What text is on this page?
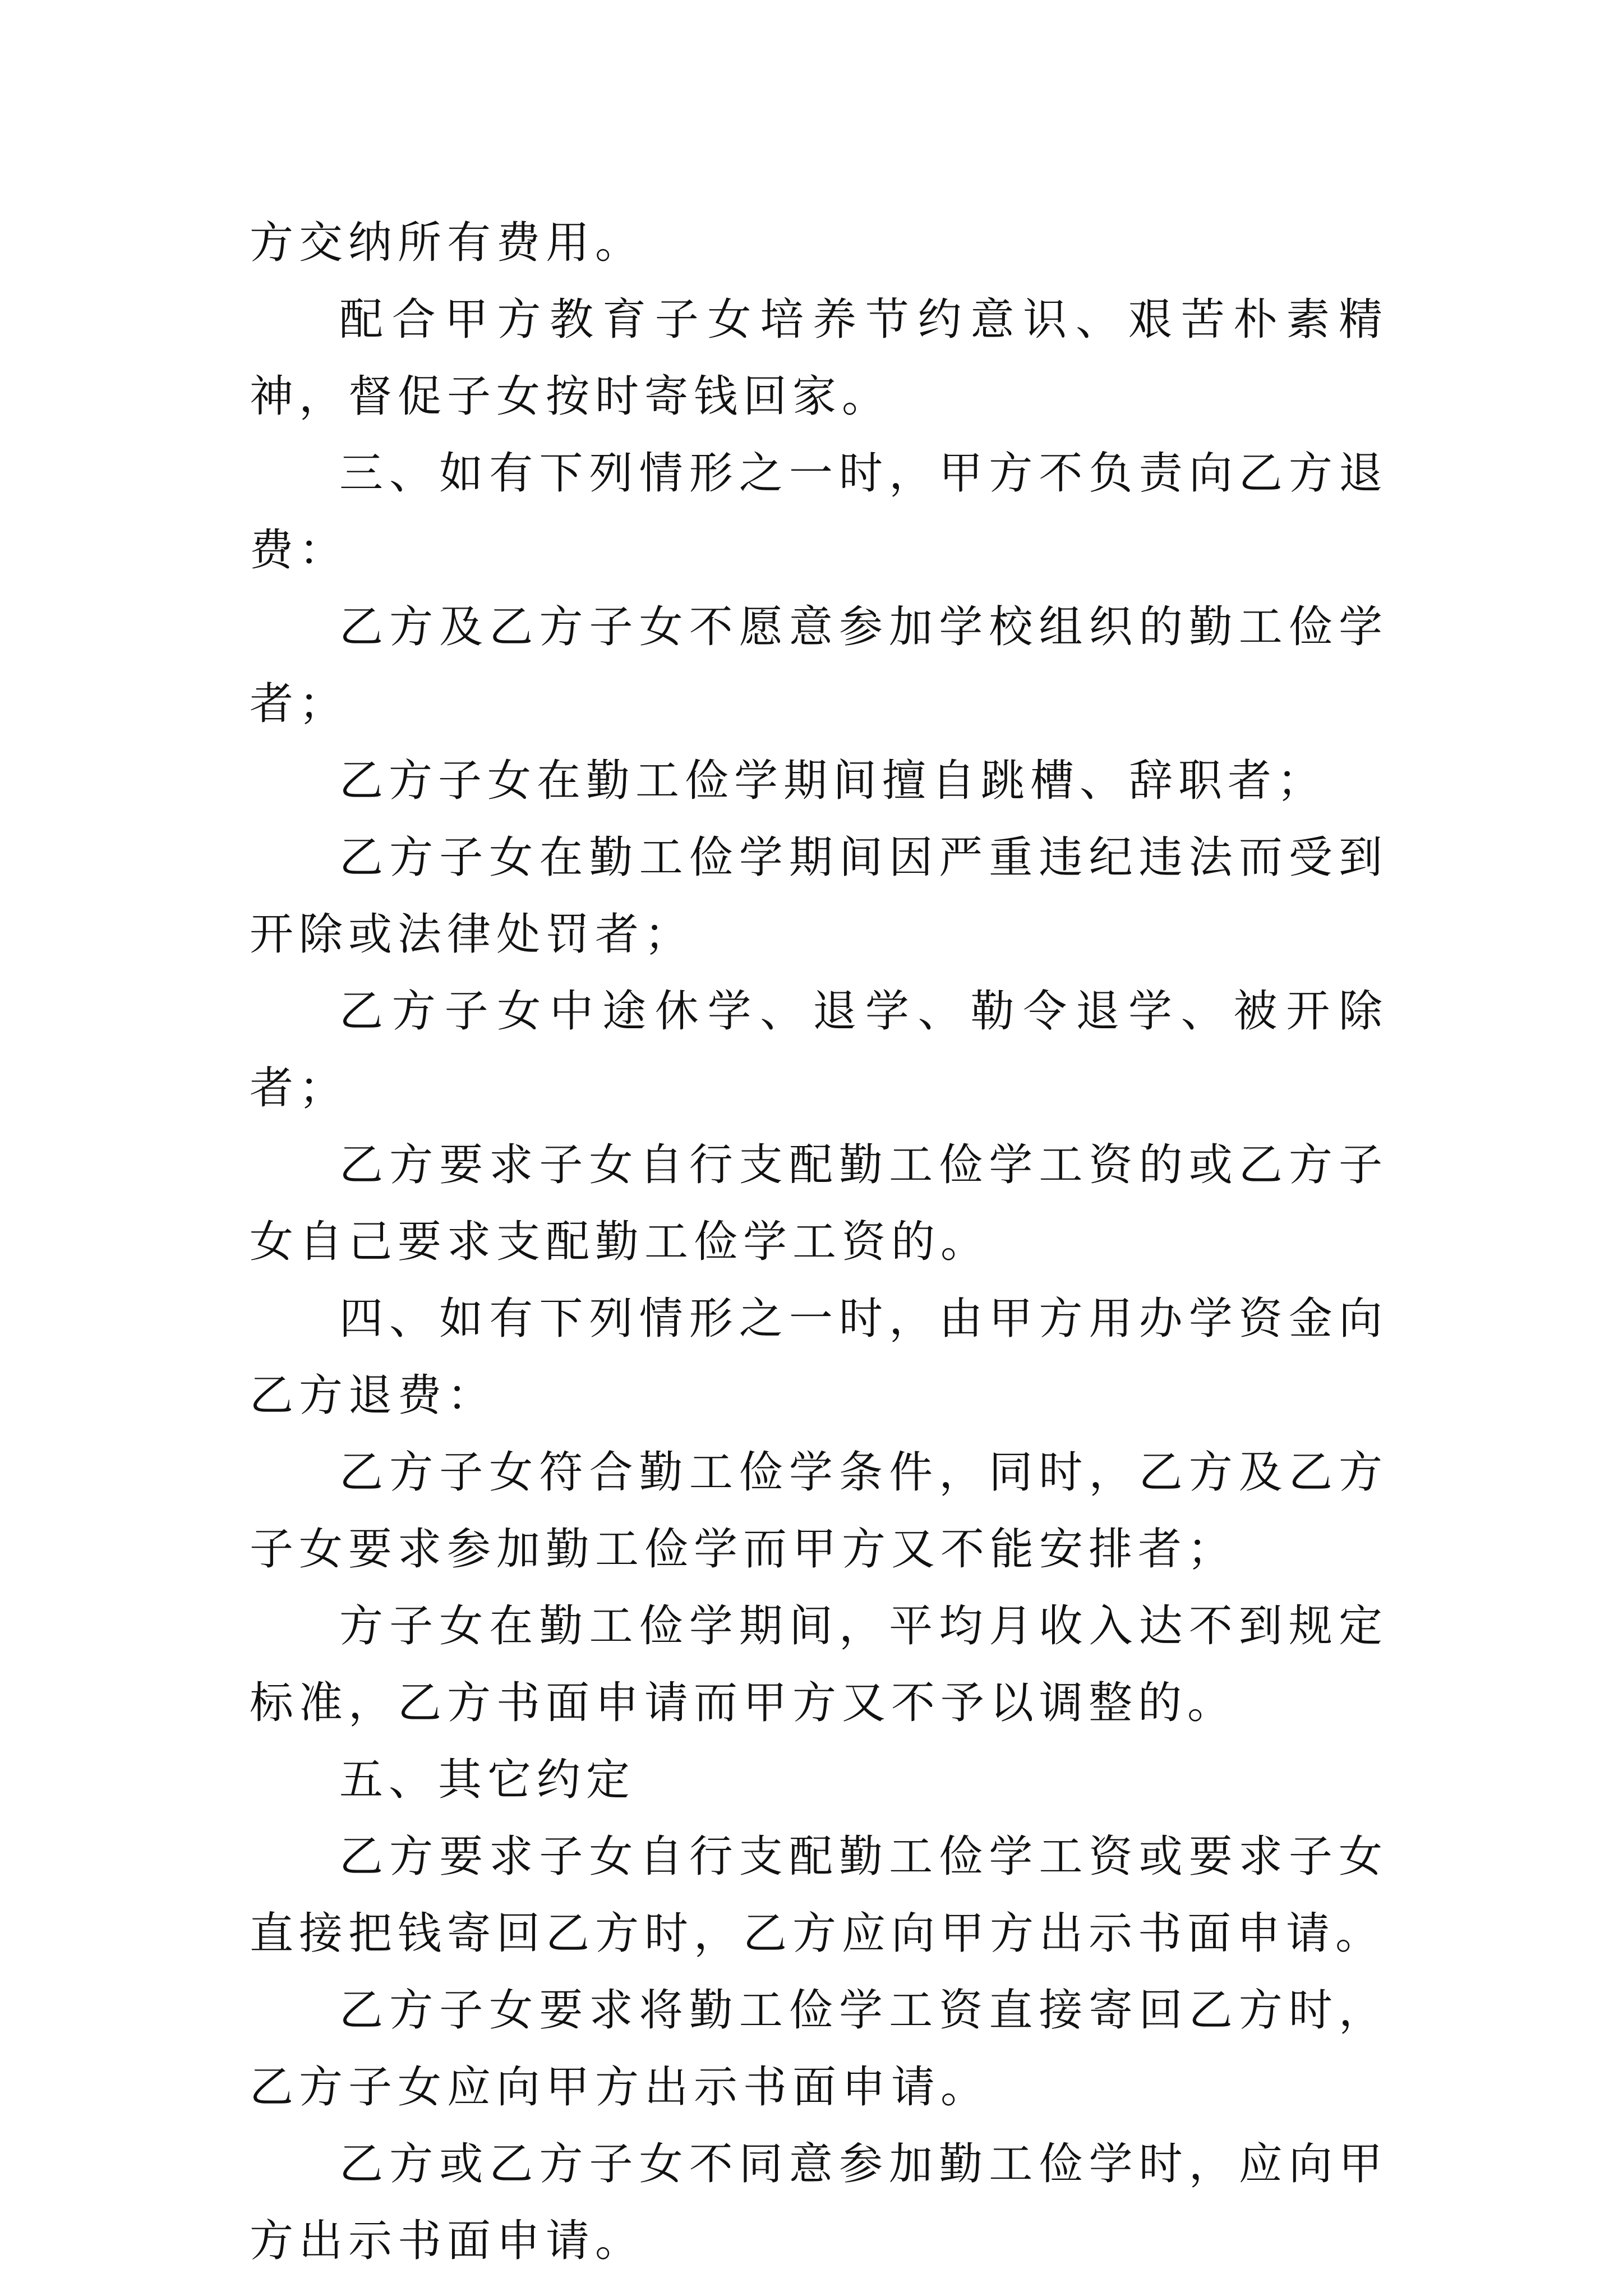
方交纳所有费用。

配合甲方教育子女培养节约意识、艰苦朴素精神，督促子女按时寄钱回家。

三、如有下列情形之一时，甲方不负责向乙方退费：

乙方及乙方子女不愿意参加学校组织的勤工俭学者；

乙方子女在勤工俭学期间擅自跳槽、辞职者；

乙方子女在勤工俭学期间因严重违纪违法而受到开除或法律处罚者；

乙方子女中途休学、退学、勒令退学、被开除者；

乙方要求子女自行支配勤工俭学工资的或乙方子女自己要求支配勤工俭学工资的。

四、如有下列情形之一时，由甲方用办学资金向乙方退费：

乙方子女符合勤工俭学条件，同时，乙方及乙方子女要求参加勤工俭学而甲方又不能安排者；

方子女在勤工俭学期间，平均月收入达不到规定标准，乙方书面申请而甲方又不予以调整的。

五、其它约定

乙方要求子女自行支配勤工俭学工资或要求子女直接把钱寄回乙方时，乙方应向甲方出示书面申请。

乙方子女要求将勤工俭学工资直接寄回乙方时，乙方子女应向甲方出示书面申请。

乙方或乙方子女不同意参加勤工俭学时，应向甲方出示书面申请。
